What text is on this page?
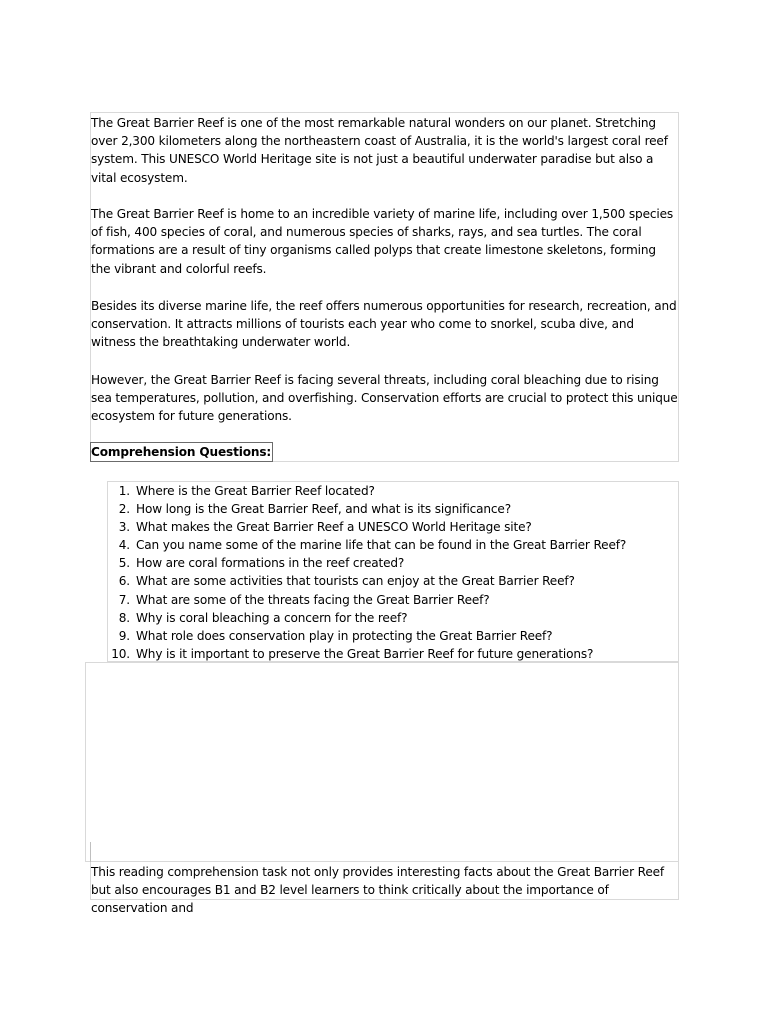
The Great Barrier Reef is one of the most remarkable natural wonders on our planet. Stretching over 2,300 kilometers along the northeastern coast of Australia, it is the world's largest coral reef system. This UNESCO World Heritage site is not just a beautiful underwater paradise but also a vital ecosystem.

The Great Barrier Reef is home to an incredible variety of marine life, including over 1,500 species of fish, 400 species of coral, and numerous species of sharks, rays, and sea turtles. The coral formations are a result of tiny organisms called polyps that create limestone skeletons, forming the vibrant and colorful reefs.

Besides its diverse marine life, the reef offers numerous opportunities for research, recreation, and conservation. It attracts millions of tourists each year who come to snorkel, scuba dive, and witness the breathtaking underwater world.

However, the Great Barrier Reef is facing several threats, including coral bleaching due to rising sea temperatures, pollution, and overfishing. Conservation efforts are crucial to protect this unique ecosystem for future generations.

Comprehension Questions:
1. Where is the Great Barrier Reef located?
2. How long is the Great Barrier Reef, and what is its significance?
3. What makes the Great Barrier Reef a UNESCO World Heritage site?
4. Can you name some of the marine life that can be found in the Great Barrier Reef?
5. How are coral formations in the reef created?
6. What are some activities that tourists can enjoy at the Great Barrier Reef?
7. What are some of the threats facing the Great Barrier Reef?
8. Why is coral bleaching a concern for the reef?
9. What role does conservation play in protecting the Great Barrier Reef?
10. Why is it important to preserve the Great Barrier Reef for future generations?

This reading comprehension task not only provides interesting facts about the Great Barrier Reef but also encourages B1 and B2 level learners to think critically about the importance of conservation and
